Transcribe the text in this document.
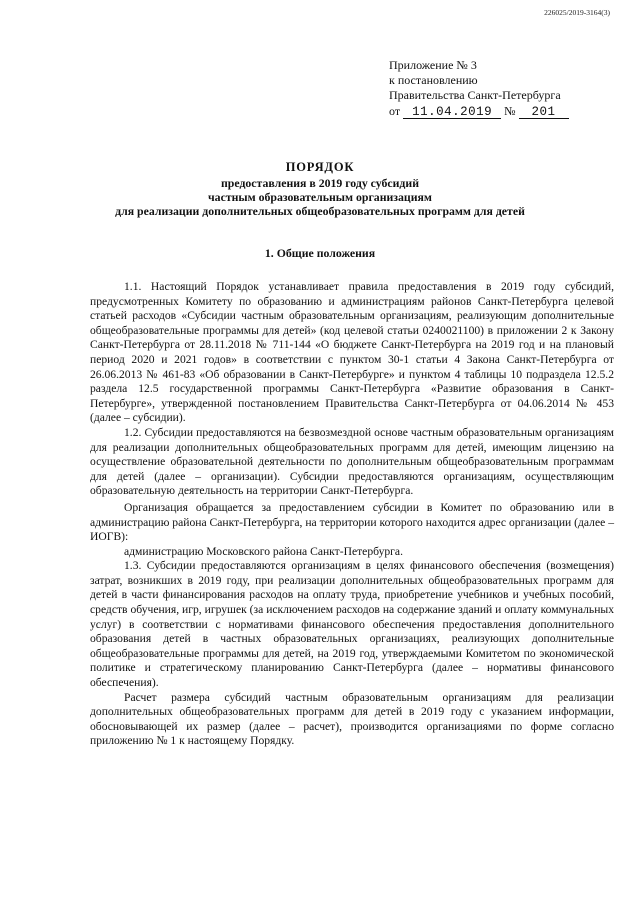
226025/2019-3164(3)
Приложение № 3
к постановлению
Правительства Санкт-Петербурга
от 11.04.2019 № 201
ПОРЯДОК
предоставления в 2019 году субсидий
частным образовательным организациям
для реализации дополнительных общеобразовательных программ для детей
1. Общие положения

1.1. Настоящий Порядок устанавливает правила предоставления в 2019 году субсидий, предусмотренных Комитету по образованию и администрациям районов Санкт-Петербурга целевой статьей расходов «Субсидии частным образовательным организациям, реализующим дополнительные общеобразовательные программы для детей» (код целевой статьи 0240021100) в приложении 2 к Закону Санкт-Петербурга от 28.11.2018 № 711-144 «О бюджете Санкт-Петербурга на 2019 год и на плановый период 2020 и 2021 годов» в соответствии с пунктом 30-1 статьи 4 Закона Санкт-Петербурга от 26.06.2013 № 461-83 «Об образовании в Санкт-Петербурге» и пунктом 4 таблицы 10 подраздела 12.5.2 раздела 12.5 государственной программы Санкт-Петербурга «Развитие образования в Санкт-Петербурге», утвержденной постановлением Правительства Санкт-Петербурга от 04.06.2014 № 453 (далее – субсидии).

1.2. Субсидии предоставляются на безвозмездной основе частным образовательным организациям для реализации дополнительных общеобразовательных программ для детей, имеющим лицензию на осуществление образовательной деятельности по дополнительным общеобразовательным программам для детей (далее – организации). Субсидии предоставляются организациям, осуществляющим образовательную деятельность на территории Санкт-Петербурга.

Организация обращается за предоставлением субсидии в Комитет по образованию или в администрацию района Санкт-Петербурга, на территории которого находится адрес организации (далее – ИОГВ):

администрацию Московского района Санкт-Петербурга.

1.3. Субсидии предоставляются организациям в целях финансового обеспечения (возмещения) затрат, возникших в 2019 году, при реализации дополнительных общеобразовательных программ для детей в части финансирования расходов на оплату труда, приобретение учебников и учебных пособий, средств обучения, игр, игрушек (за исключением расходов на содержание зданий и оплату коммунальных услуг) в соответствии с нормативами финансового обеспечения предоставления дополнительного образования детей в частных образовательных организациях, реализующих дополнительные общеобразовательные программы для детей, на 2019 год, утверждаемыми Комитетом по экономической политике и стратегическому планированию Санкт-Петербурга (далее – нормативы финансового обеспечения).

Расчет размера субсидий частным образовательным организациям для реализации дополнительных общеобразовательных программ для детей в 2019 году с указанием информации, обосновывающей их размер (далее – расчет), производится организациями по форме согласно приложению № 1 к настоящему Порядку.
